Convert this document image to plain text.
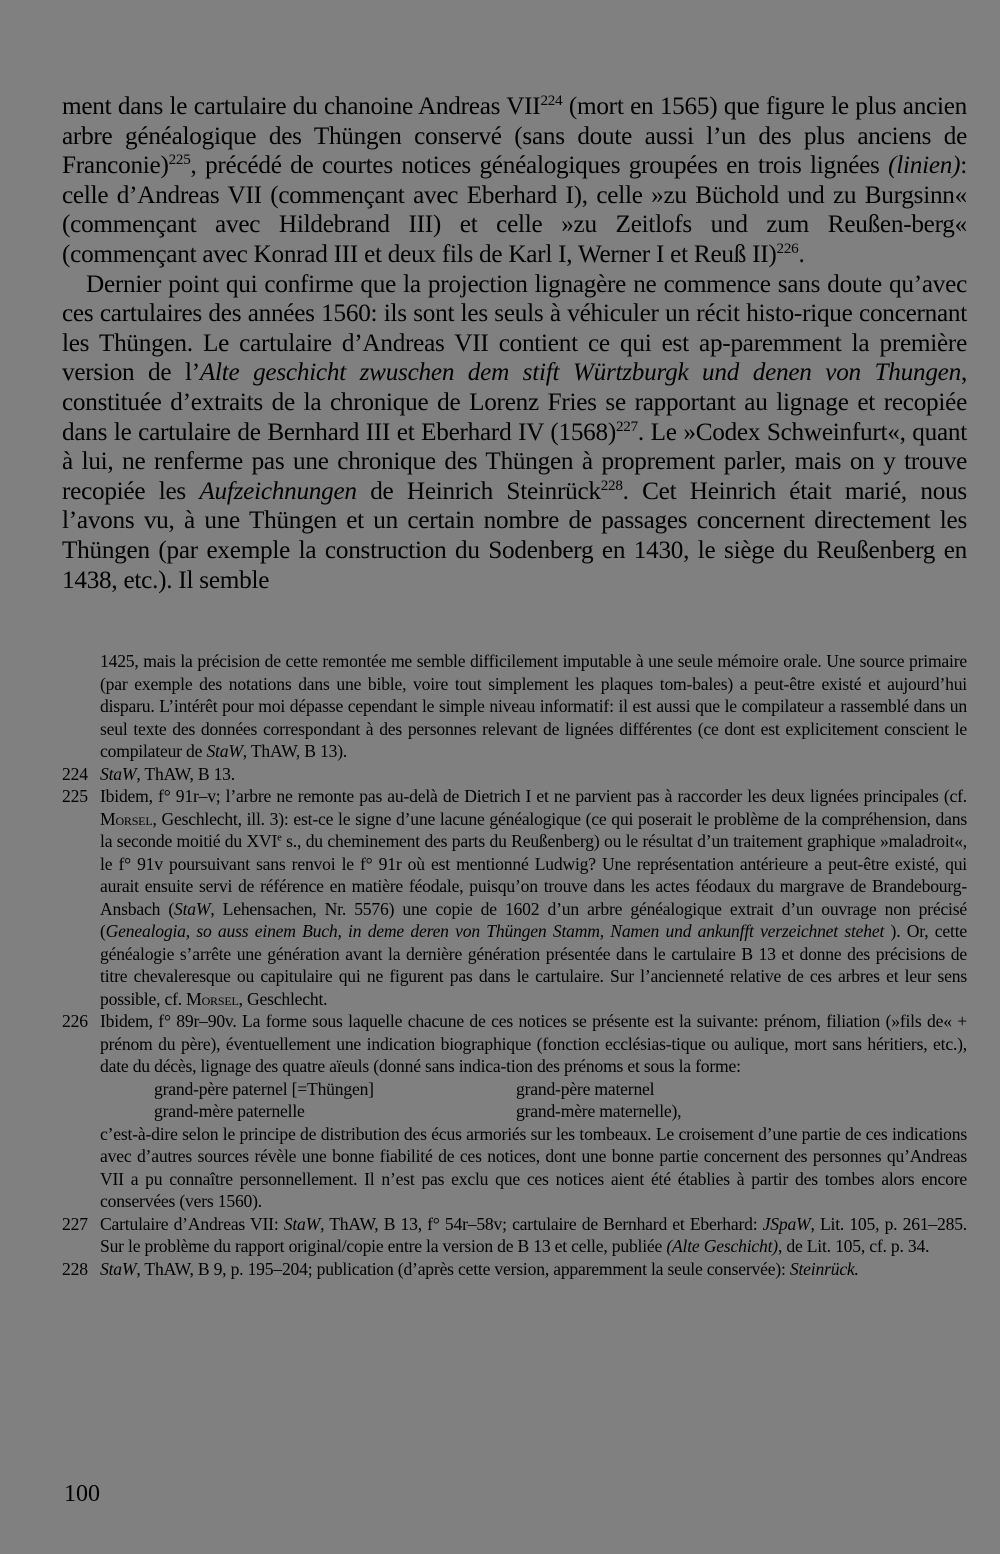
ment dans le cartulaire du chanoine Andreas VII$^{224}$ (mort en 1565) que figure le plus ancien arbre généalogique des Thüngen conservé (sans doute aussi l’un des plus anciens de Franconie)$^{225}$, précédé de courtes notices généalogiques groupées en trois lignées (linien): celle d’Andreas VII (commençant avec Eberhard I), celle »zu Büchold und zu Burgsinn« (commençant avec Hildebrand III) et celle »zu Zeitlofs und zum Reußen-berg« (commençant avec Konrad III et deux fils de Karl I, Werner I et Reuß II)$^{226}$.

Dernier point qui confirme que la projection lignagère ne commence sans doute qu’avec ces cartulaires des années 1560: ils sont les seuls à véhiculer un récit histo-rique concernant les Thüngen. Le cartulaire d’Andreas VII contient ce qui est ap-paremment la première version de l’Alte geschicht zwuschen dem stift Würtzburgk und denen von Thungen, constituée d’extraits de la chronique de Lorenz Fries se rapportant au lignage et recopiée dans le cartulaire de Bernhard III et Eberhard IV $(1568)^{227}$. Le »Codex Schweinfurt«, quant à lui, ne renferme pas une chronique des Thüngen à proprement parler, mais on y trouve recopiée les Aufzeichnungen de Heinrich Steinrück$^{228}$. Cet Heinrich était marié, nous l’avons vu, à une Thüngen et un certain nombre de passages concernent directement les Thüngen (par exemple la construction du Sodenberg en 1430, le siège du Reußenberg en 1438, etc.). Il semble

1425, mais la précision de cette remontée me semble difficilement imputable à une seule mémoire orale. Une source primaire (par exemple des notations dans une bible, voire tout simplement les plaques tom-bales) a peut-être existé et aujourd’hui disparu. L’intérêt pour moi dépasse cependant le simple niveau informatif: il est aussi que le compilateur a rassemblé dans un seul texte des données correspondant à des personnes relevant de lignées différentes (ce dont est explicitement conscient le compilateur de StaW, ThAW, B 13).

224 StaW, ThAW, B 13.

225 Ibidem, f° 91r–v; l’arbre ne remonte pas au-delà de Dietrich I et ne parvient pas à raccorder les deux lignées principales (cf. Morsel, Geschlecht, ill. 3): est-ce le signe d’une lacune généalogique (ce qui poserait le problème de la compréhension, dans la seconde moitié du XVIe s., du cheminement des parts du Reußenberg) ou le résultat d’un traitement graphique »maladroit«, le f° 91v poursuivant sans renvoi le f° 91r où est mentionné Ludwig? Une représentation antérieure a peut-être existé, qui aurait ensuite servi de référence en matière féodale, puisqu’on trouve dans les actes féodaux du margrave de Brandebourg-Ansbach (StaW, Lehensachen, Nr. 5576) une copie de 1602 d’un arbre généalogique extrait d’un ouvrage non précisé (Genealogia, so auss einem Buch, in deme deren von Thüngen Stamm, Namen und ankunfft verzeichnet stehet ). Or, cette généalogie s’arrête une génération avant la dernière génération présentée dans le cartulaire B 13 et donne des précisions de titre chevaleresque ou capitulaire qui ne figurent pas dans le cartulaire. Sur l’ancienneté relative de ces arbres et leur sens possible, cf. Morsel, Geschlecht.

226 Ibidem, f° 89r–90v. La forme sous laquelle chacune de ces notices se présente est la suivante: prénom, filiation (»fils de« + prénom du père), éventuellement une indication biographique (fonction ecclésias-tique ou aulique, mort sans héritiers, etc.), date du décès, lignage des quatre aïeuls (donné sans indica-tion des prénoms et sous la forme:
grand-père paternel [=Thüngen]	grand-père maternel
grand-mère paternelle	grand-mère maternelle),
c’est-à-dire selon le principe de distribution des écus armoriés sur les tombeaux. Le croisement d’une partie de ces indications avec d’autres sources révèle une bonne fiabilité de ces notices, dont une bonne partie concernent des personnes qu’Andreas VII a pu connaître personnellement. Il n’est pas exclu que ces notices aient été établies à partir des tombes alors encore conservées (vers 1560).

227 Cartulaire d’Andreas VII: StaW, ThAW, B 13, f° 54r–58v; cartulaire de Bernhard et Eberhard: JSpaW, Lit. 105, p. 261–285. Sur le problème du rapport original/copie entre la version de B 13 et celle, publiée (Alte Geschicht), de Lit. 105, cf. p. 34.

228 StaW, ThAW, B 9, p. 195–204; publication (d’après cette version, apparemment la seule conservée): Steinrück.

100
